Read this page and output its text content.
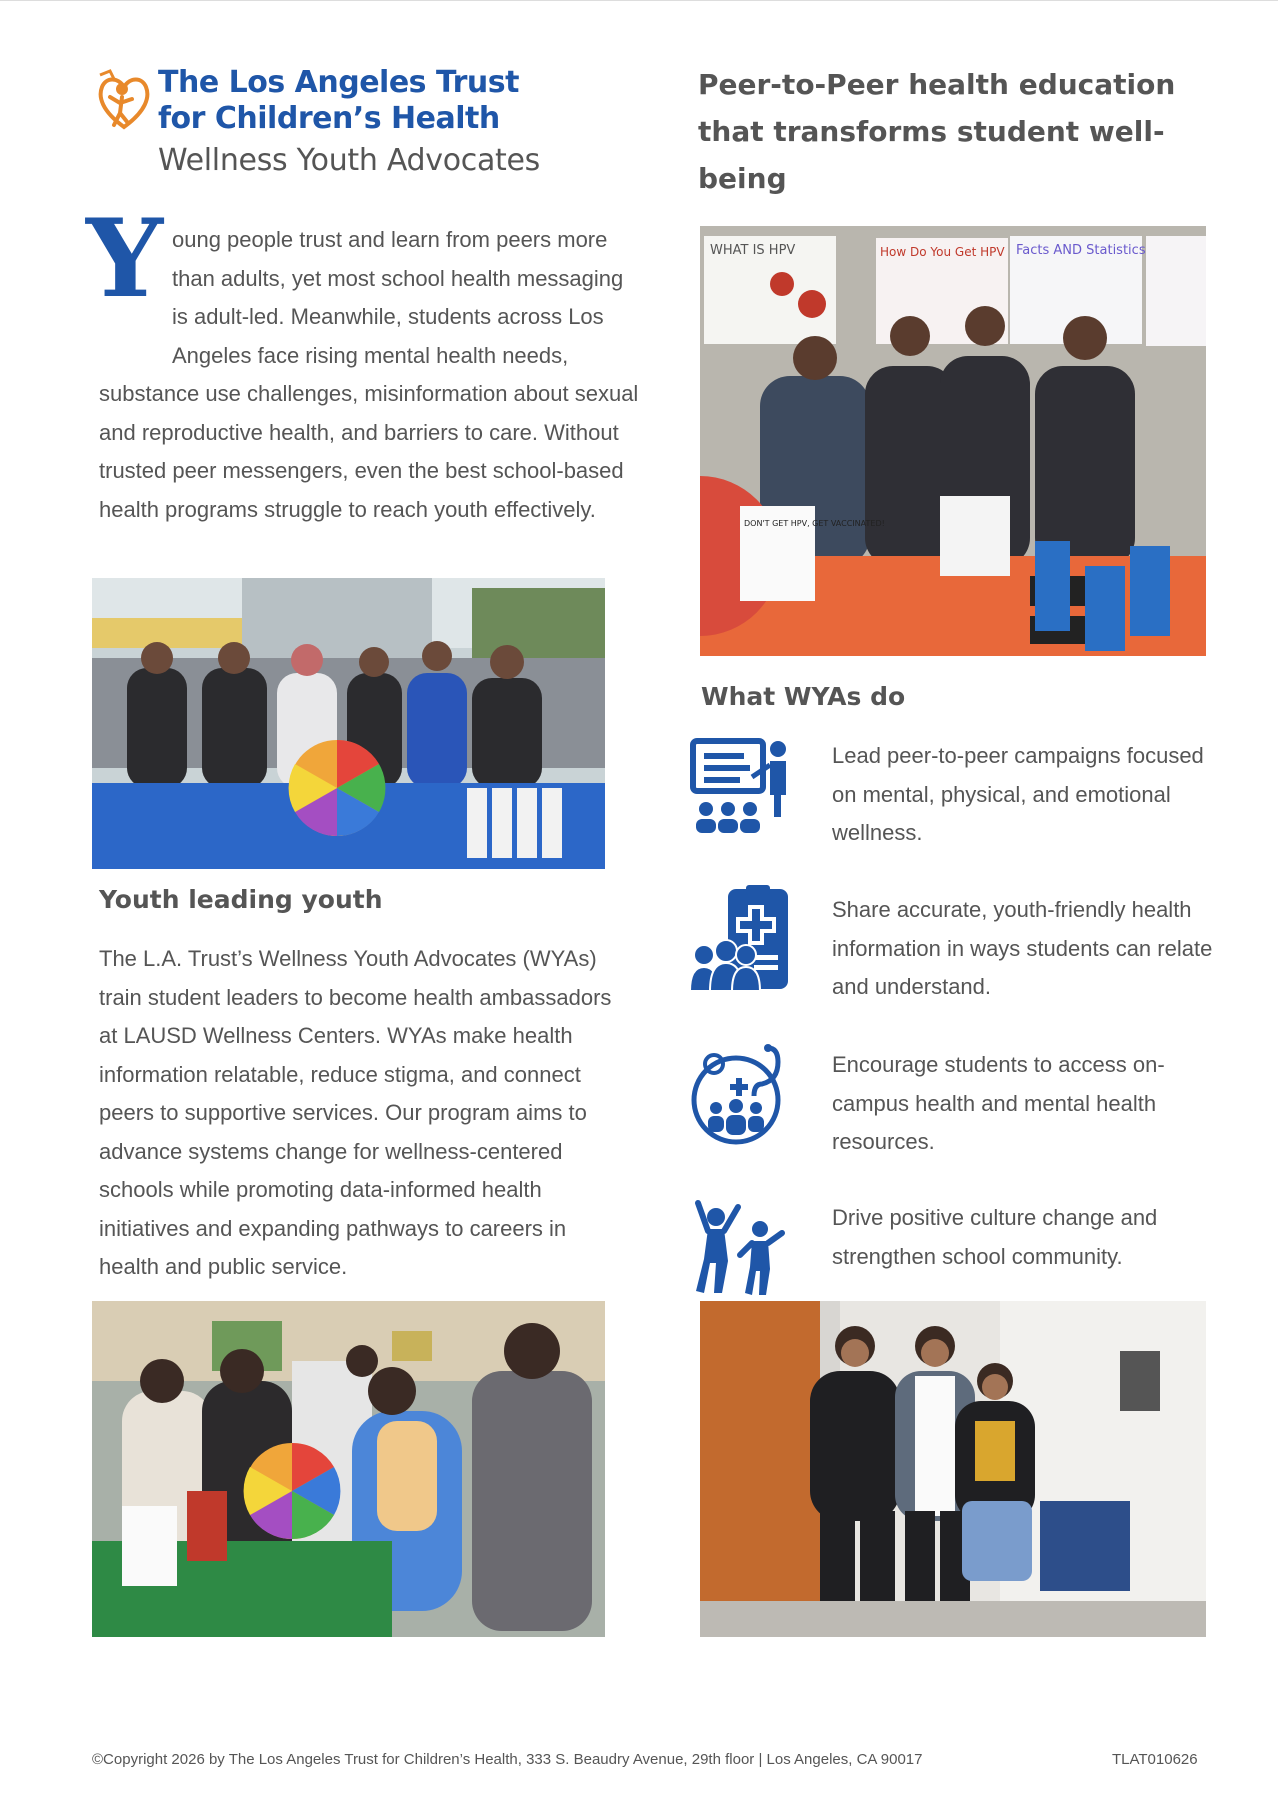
The Los Angeles Trust
for Children’s Health
Wellness Youth Advocates
Peer-to-Peer health education that transforms student well-being
Y oung people trust and learn from peers more than adults, yet most school health messaging is adult-led. Meanwhile, students across Los Angeles face rising mental health needs,

substance use challenges, misinformation about sexual and reproductive health, and barriers to care. Without trusted peer messengers, even the best school-based health programs struggle to reach youth effectively.

WHAT IS HPV	How Do You Get HPV Facts AND Statistics
DON'T GET HPV, GET VACCINATED!
Youth leading youth

The L.A. Trust’s Wellness Youth Advocates (WYAs) train student leaders to become health ambassadors at LAUSD Wellness Centers. WYAs make health information relatable, reduce stigma, and connect peers to supportive services. Our program aims to advance systems change for wellness-centered schools while promoting data-informed health initiatives and expanding pathways to careers in health and public service.

What WYAs do
Lead peer-to-peer campaigns focused on mental, physical, and emotional wellness.
Share accurate, youth-friendly health information in ways students can relate and understand.
Encourage students to access on-campus health and mental health resources.
Drive positive culture change and strengthen school community.
©Copyright 2026 by The Los Angeles Trust for Children’s Health, 333 S. Beaudry Avenue, 29th floor | Los Angeles, CA 90017	TLAT010626
